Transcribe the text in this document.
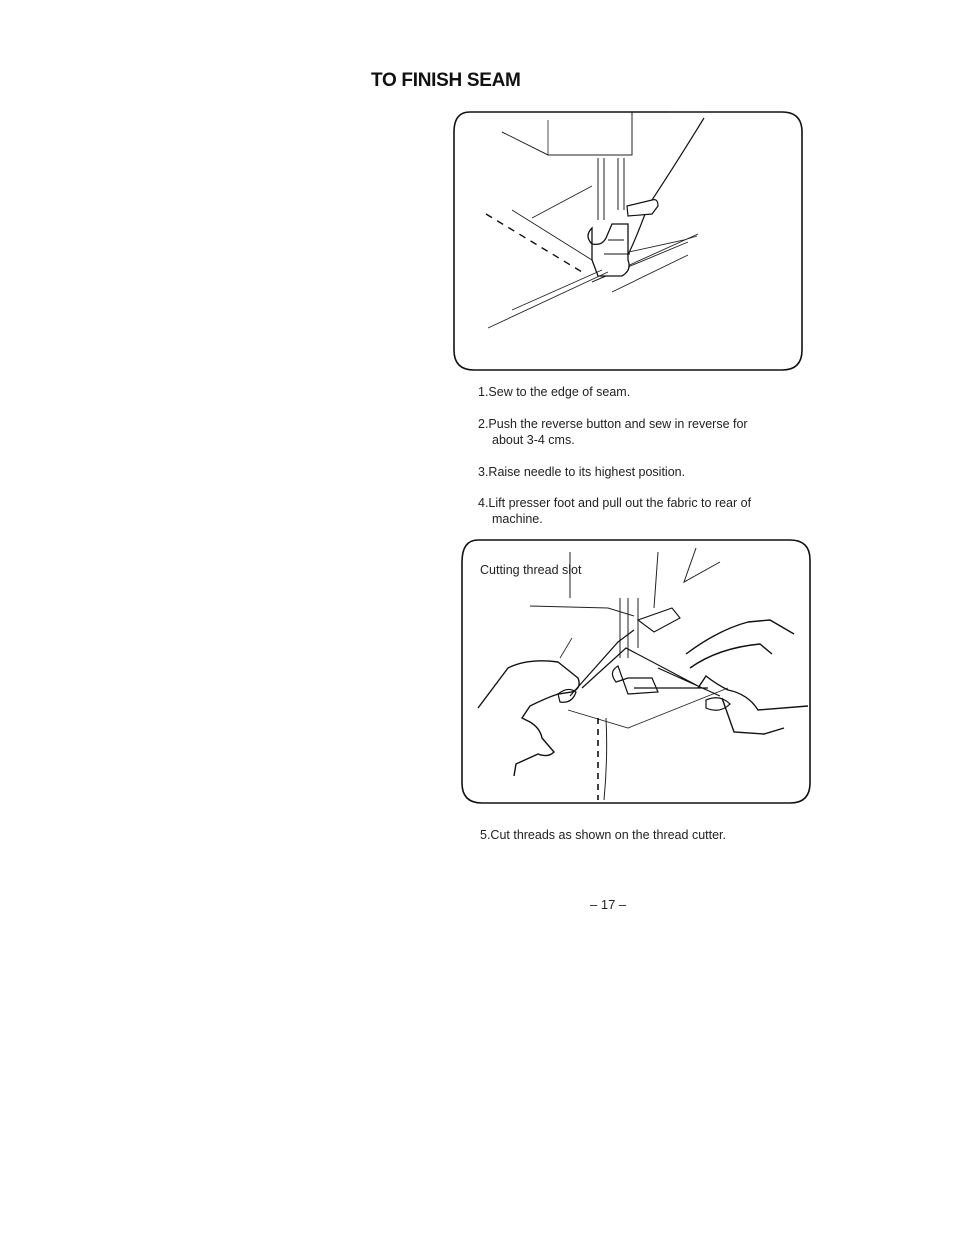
TO FINISH SEAM
1.Sew to the edge of seam.
2.Push the reverse button and sew in reverse for
about 3-4 cms.
3.Raise needle to its highest position.
4.Lift presser foot and pull out the fabric to rear of
machine.
Cutting thread slot
5.Cut threads as shown on the thread cutter.
– 17 –
